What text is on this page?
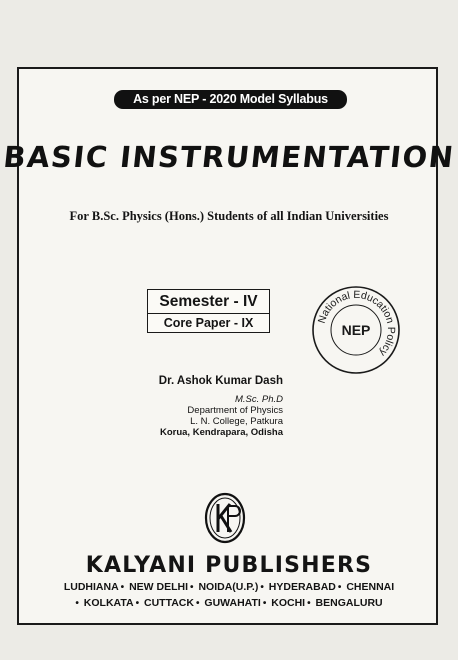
As per NEP - 2020 Model Syllabus
BASIC INSTRUMENTATION
For B.Sc. Physics (Hons.) Students of all Indian Universities
Semester - IV
Core Paper - IX	National Education Policy
NEP
Dr. Ashok Kumar Dash
M.Sc. Ph.D
Department of Physics
L. N. College, Patkura
Korua, Kendrapara, Odisha
KALYANI PUBLISHERS
LUDHIANA • NEW DELHI • NOIDA(U.P.) • HYDERABAD • CHENNAI
• KOLKATA • CUTTACK • GUWAHATI • KOCHI • BENGALURU
